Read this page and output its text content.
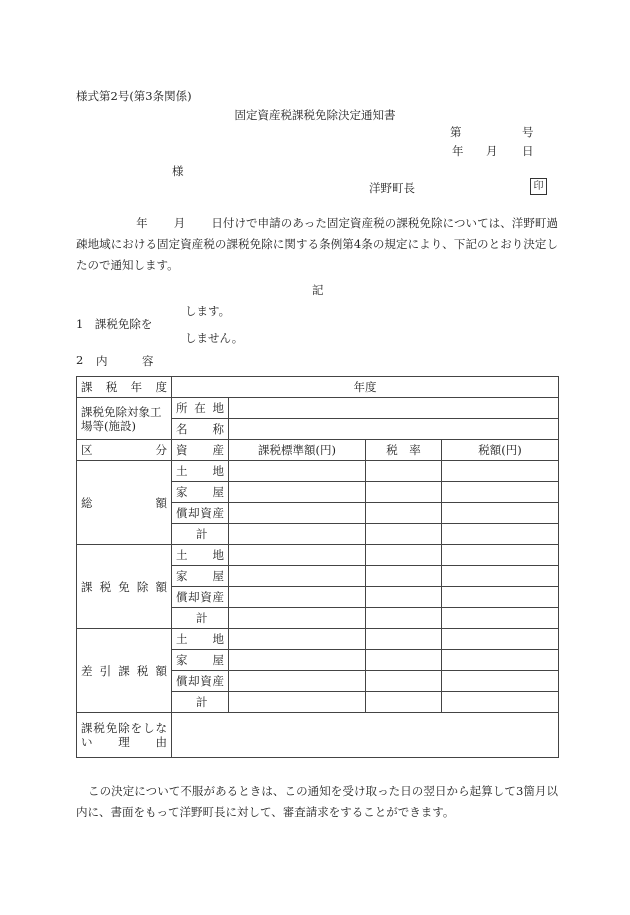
様式第2号(第3条関係)
固定資産税課税免除決定通知書
第	号
年 月 日
様
洋野町長	印
年 月 日付けで申請のあった固定資産税の課税免除については、洋野町過疎地域における固定資産税の課税免除に関する条例第4条の規定により、下記のとおり決定したので通知します。
記
します。
1　課税免除を
しません。
2 内　　　容
課税年度	年度			
課税免除対象工場等(施設)	所在地			
	名称			
区分	資産	課税標準額(円)	税　率	税額(円)
総額	土地			
	家屋			
	償却資産			
	計			
課税免除額	土地			
	家屋			
	償却資産			
	計			
差引課税額	土地			
	家屋			
	償却資産			
	計			
課税免除をしない理由				
この決定について不服があるときは、この通知を受け取った日の翌日から起算して3箇月以内に、書面をもって洋野町長に対して、審査請求をすることができます。
